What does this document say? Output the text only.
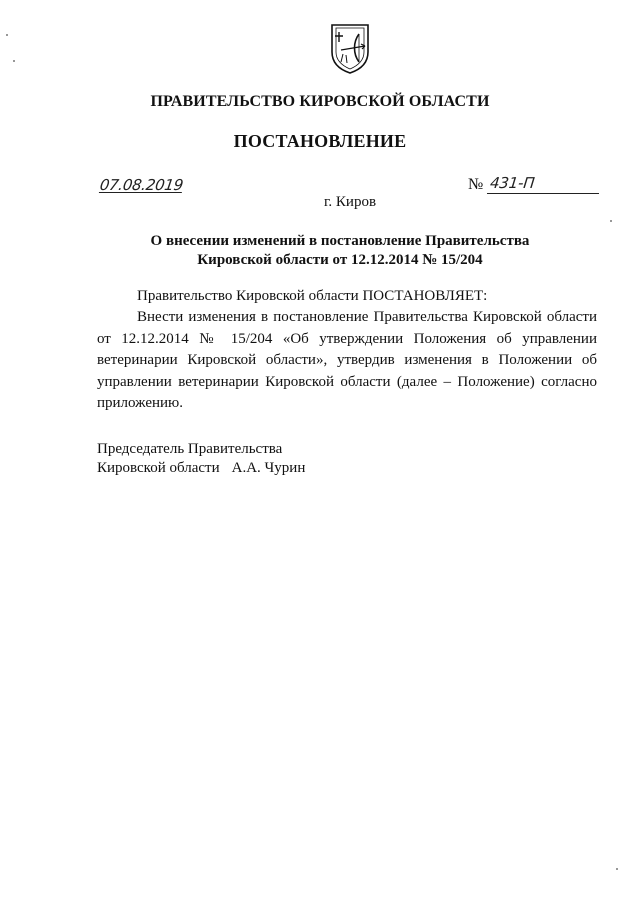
ПРАВИТЕЛЬСТВО КИРОВСКОЙ ОБЛАСТИ
ПОСТАНОВЛЕНИЕ
07.08.2019	№ 431-П
г. Киров
О внесении изменений в постановление Правительства
Кировской области от 12.12.2014 № 15/204
Правительство Кировской области ПОСТАНОВЛЯЕТ:
Внести изменения в постановление Правительства Кировской области от 12.12.2014 № 15/204 «Об утверждении Положения об управлении ветеринарии Кировской области», утвердив изменения в Положении об управлении ветеринарии Кировской области (далее – Положение) согласно приложению.
Председатель Правительства
Кировской области А.А. Чурин
